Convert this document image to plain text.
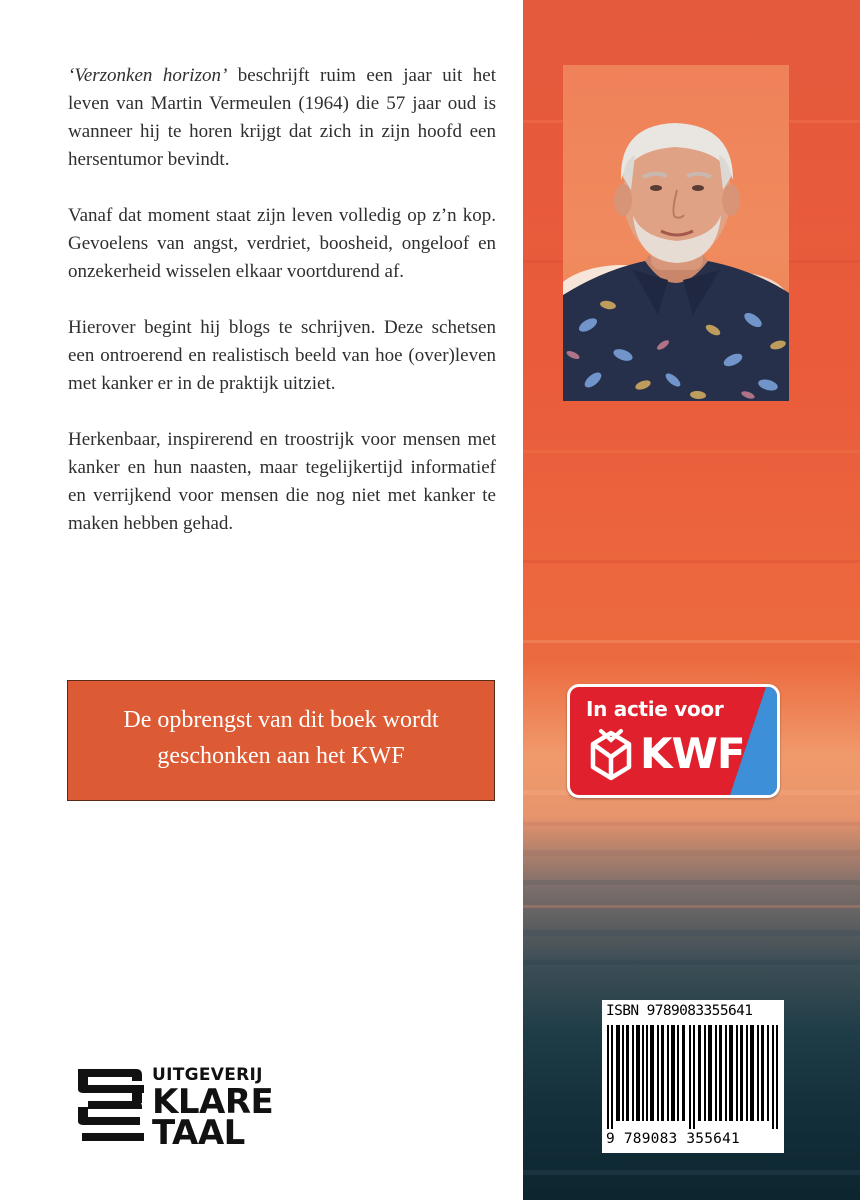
‘Verzonken horizon’ beschrijft ruim een jaar uit het leven van Martin Vermeulen (1964) die 57 jaar oud is wanneer hij te horen krijgt dat zich in zijn hoofd een hersentumor bevindt.

Vanaf dat moment staat zijn leven volledig op z’n kop. Gevoelens van angst, verdriet, boosheid, ongeloof en onzekerheid wisselen elkaar voortdurend af.

Hierover begint hij blogs te schrijven. Deze schetsen een ontroerend en realistisch beeld van hoe (over)leven met kanker er in de praktijk uitziet.

Herkenbaar, inspirerend en troostrijk voor mensen met kanker en hun naasten, maar tegelijkertijd informatief en verrijkend voor mensen die nog niet met kanker te maken hebben gehad.

De opbrengst van dit boek wordt
geschonken aan het KWF
In actie voor
KWF
ISBN 9789083355641
9 789083 355641
UITGEVERIJ
KLARE
TAAL
